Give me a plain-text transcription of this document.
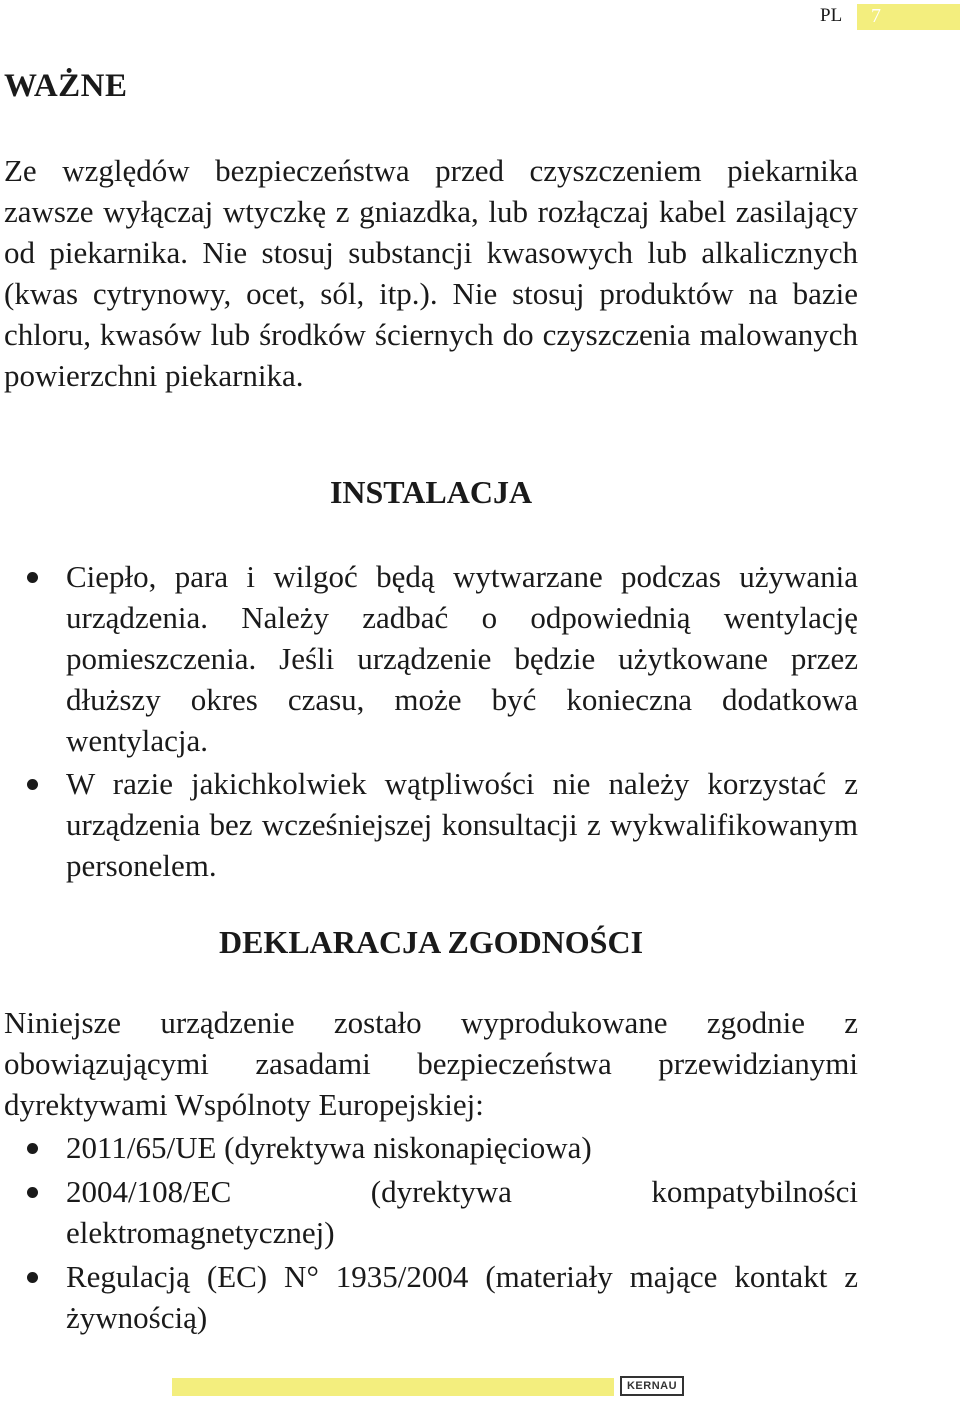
PL 7
WAŻNE

Ze względów bezpieczeństwa przed czyszczeniem piekarnika zawsze wyłączaj wtyczkę z gniazdka, lub rozłączaj kabel zasilający od piekarnika. Nie stosuj substancji kwasowych lub alkalicznych (kwas cytrynowy, ocet, sól, itp.). Nie stosuj produktów na bazie chloru, kwasów lub środków ściernych do czyszczenia malowanych powierzchni piekarnika.

INSTALACJA
Ciepło, para i wilgoć będą wytwarzane podczas używania urządzenia. Należy zadbać o odpowiednią wentylację pomieszczenia. Jeśli urządzenie będzie użytkowane przez dłuższy okres czasu, może być konieczna dodatkowa wentylacja.
W razie jakichkolwiek wątpliwości nie należy korzystać z urządzenia bez wcześniejszej konsultacji z wykwalifikowanym personelem.
DEKLARACJA ZGODNOŚCI

Niniejsze urządzenie zostało wyprodukowane zgodnie z obowiązującymi zasadami bezpieczeństwa przewidzianymi dyrektywami Wspólnoty Europejskiej:

2011/65/UE (dyrektywa niskonapięciowa)
2004/108/EC (dyrektywa kompatybilności elektromagnetycznej)
Regulacją (EC) N° 1935/2004 (materiały mające kontakt z żywnością)
KERNAU
